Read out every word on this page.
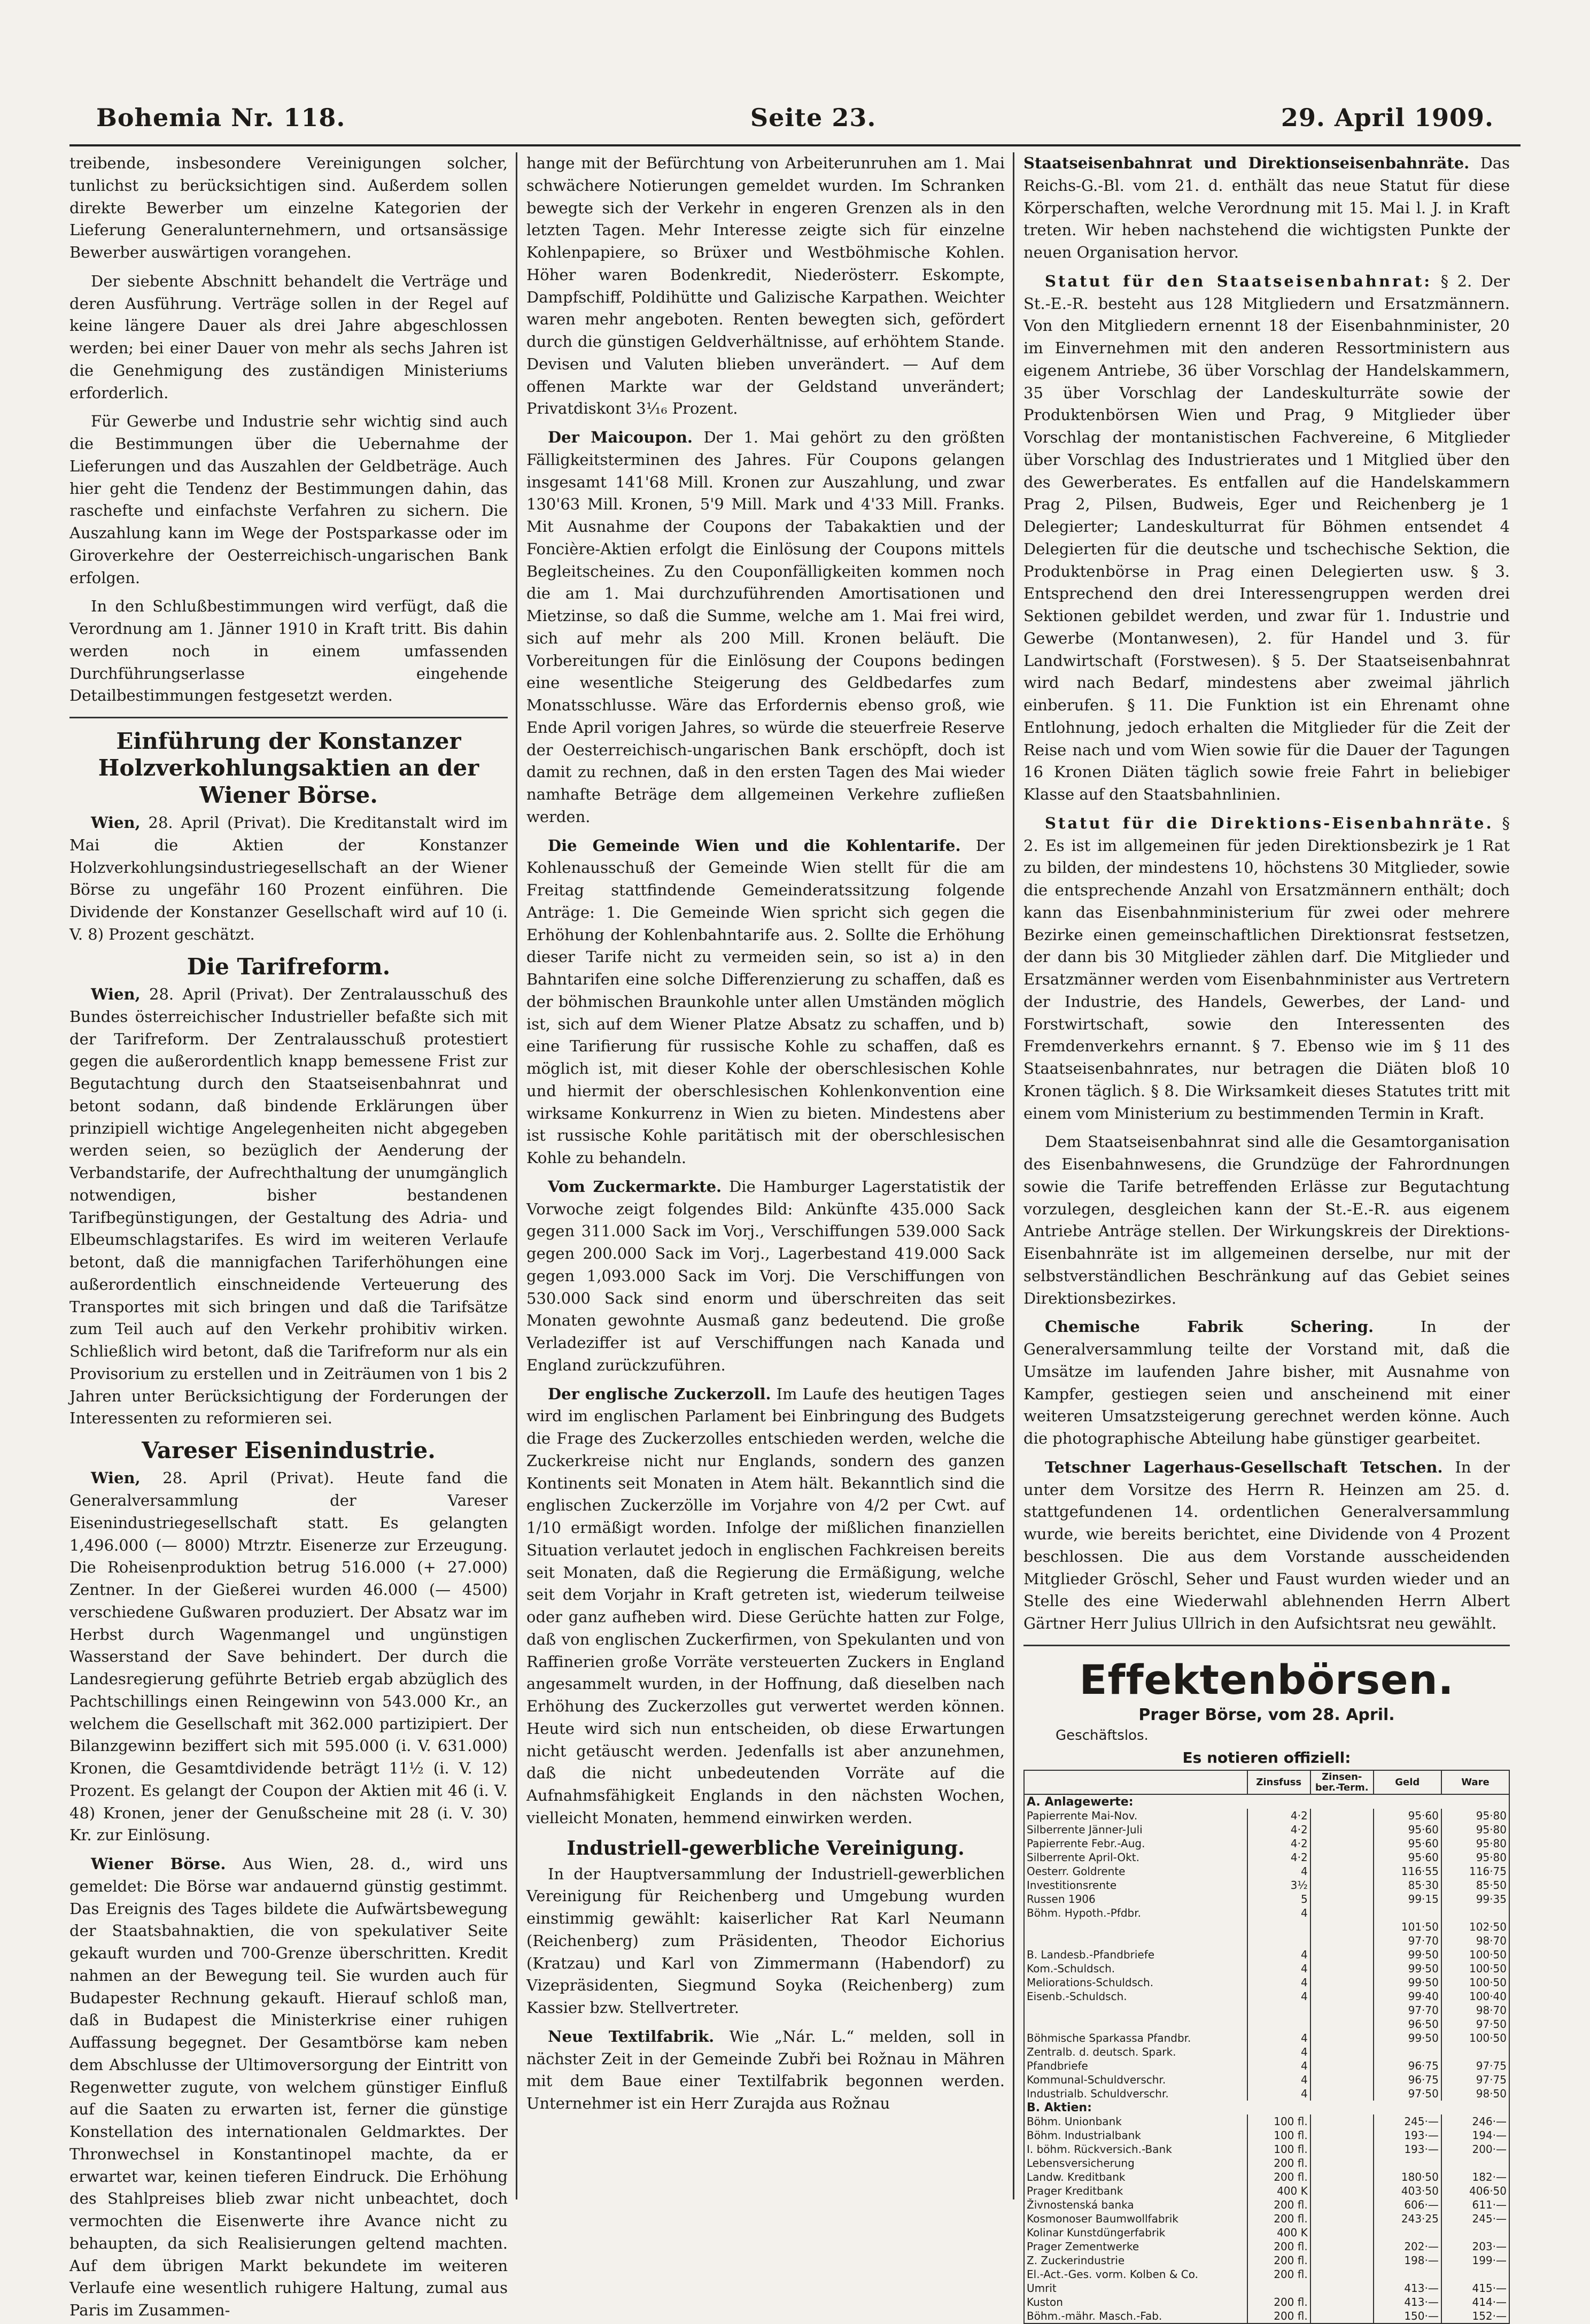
Bohemia Nr. 118.	Seite 23.	29. April 1909.

treibende, insbesondere Vereinigungen solcher, tunlichst zu berücksichtigen sind. Außerdem sollen direkte Bewerber um einzelne Kategorien der Lieferung Generalunternehmern, und ortsansässige Bewerber auswärtigen vorangehen.

Der siebente Abschnitt behandelt die Verträge und deren Ausführung. Verträge sollen in der Regel auf keine längere Dauer als drei Jahre abgeschlossen werden; bei einer Dauer von mehr als sechs Jahren ist die Genehmigung des zuständigen Ministeriums erforderlich.

Für Gewerbe und Industrie sehr wichtig sind auch die Bestimmungen über die Uebernahme der Lieferungen und das Auszahlen der Geldbeträge. Auch hier geht die Tendenz der Bestimmungen dahin, das raschefte und einfachste Verfahren zu sichern. Die Auszahlung kann im Wege der Postsparkasse oder im Giroverkehre der Oesterreichisch-ungarischen Bank erfolgen.

In den Schlußbestimmungen wird verfügt, daß die Verordnung am 1. Jänner 1910 in Kraft tritt. Bis dahin werden noch in einem umfassenden Durchführungserlasse eingehende Detailbestimmungen festgesetzt werden.

Einführung der Konstanzer Holzverkohlungsaktien an der Wiener Börse.

Wien, 28. April (Privat). Die Kreditanstalt wird im Mai die Aktien der Konstanzer Holzverkohlungsindustriegesellschaft an der Wiener Börse zu ungefähr 160 Prozent einführen. Die Dividende der Konstanzer Gesellschaft wird auf 10 (i. V. 8) Prozent geschätzt.

Die Tarifreform.

Wien, 28. April (Privat). Der Zentralausschuß des Bundes österreichischer Industrieller befaßte sich mit der Tarifreform. Der Zentralausschuß protestiert gegen die außerordentlich knapp bemessene Frist zur Begutachtung durch den Staatseisenbahnrat und betont sodann, daß bindende Erklärungen über prinzipiell wichtige Angelegenheiten nicht abgegeben werden seien, so bezüglich der Aenderung der Verbandstarife, der Aufrechthaltung der unumgänglich notwendigen, bisher bestandenen Tarifbegünstigungen, der Gestaltung des Adria- und Elbeumschlagstarifes. Es wird im weiteren Verlaufe betont, daß die mannigfachen Tariferhöhungen eine außerordentlich einschneidende Verteuerung des Transportes mit sich bringen und daß die Tarifsätze zum Teil auch auf den Verkehr prohibitiv wirken. Schließlich wird betont, daß die Tarifreform nur als ein Provisorium zu erstellen und in Zeiträumen von 1 bis 2 Jahren unter Berücksichtigung der Forderungen der Interessenten zu reformieren sei.

Vareser Eisenindustrie.

Wien, 28. April (Privat). Heute fand die Generalversammlung der Vareser Eisenindustriegesellschaft statt. Es gelangten 1,496.000 (— 8000) Mtrztr. Eisenerze zur Erzeugung. Die Roheisenproduktion betrug 516.000 (+ 27.000) Zentner. In der Gießerei wurden 46.000 (— 4500) verschiedene Gußwaren produziert. Der Absatz war im Herbst durch Wagenmangel und ungünstigen Wasserstand der Save behindert. Der durch die Landesregierung geführte Betrieb ergab abzüglich des Pachtschillings einen Reingewinn von 543.000 Kr., an welchem die Gesellschaft mit 362.000 partizipiert. Der Bilanzgewinn beziffert sich mit 595.000 (i. V. 631.000) Kronen, die Gesamtdividende beträgt 11½ (i. V. 12) Prozent. Es gelangt der Coupon der Aktien mit 46 (i. V. 48) Kronen, jener der Genußscheine mit 28 (i. V. 30) Kr. zur Einlösung.

Wiener Börse. Aus Wien, 28. d., wird uns gemeldet: Die Börse war andauernd günstig gestimmt. Das Ereignis des Tages bildete die Aufwärtsbewegung der Staatsbahnaktien, die von spekulativer Seite gekauft wurden und 700-Grenze überschritten. Kredit nahmen an der Bewegung teil. Sie wurden auch für Budapester Rechnung gekauft. Hierauf schloß man, daß in Budapest die Ministerkrise einer ruhigen Auffassung begegnet. Der Gesamtbörse kam neben dem Abschlusse der Ultimoversorgung der Eintritt von Regenwetter zugute, von welchem günstiger Einfluß auf die Saaten zu erwarten ist, ferner die günstige Konstellation des internationalen Geldmarktes. Der Thronwechsel in Konstantinopel machte, da er erwartet war, keinen tieferen Eindruck. Die Erhöhung des Stahlpreises blieb zwar nicht unbeachtet, doch vermochten die Eisenwerte ihre Avance nicht zu behaupten, da sich Realisierungen geltend machten. Auf dem übrigen Markt bekundete im weiteren Verlaufe eine wesentlich ruhigere Haltung, zumal aus Paris im Zusammen-

hange mit der Befürchtung von Arbeiterunruhen am 1. Mai schwächere Notierungen gemeldet wurden. Im Schranken bewegte sich der Verkehr in engeren Grenzen als in den letzten Tagen. Mehr Interesse zeigte sich für einzelne Kohlenpapiere, so Brüxer und Westböhmische Kohlen. Höher waren Bodenkredit, Niederösterr. Eskompte, Dampfschiff, Poldihütte und Galizische Karpathen. Weichter waren mehr angeboten. Renten bewegten sich, gefördert durch die günstigen Geldverhältnisse, auf erhöhtem Stande. Devisen und Valuten blieben unverändert. — Auf dem offenen Markte war der Geldstand unverändert; Privatdiskont 3⅟₁₆ Prozent.

Der Maicoupon. Der 1. Mai gehört zu den größten Fälligkeitsterminen des Jahres. Für Coupons gelangen insgesamt 141'68 Mill. Kronen zur Auszahlung, und zwar 130'63 Mill. Kronen, 5'9 Mill. Mark und 4'33 Mill. Franks. Mit Ausnahme der Coupons der Tabakaktien und der Foncière-Aktien erfolgt die Einlösung der Coupons mittels Begleitscheines. Zu den Couponfälligkeiten kommen noch die am 1. Mai durchzuführenden Amortisationen und Mietzinse, so daß die Summe, welche am 1. Mai frei wird, sich auf mehr als 200 Mill. Kronen beläuft. Die Vorbereitungen für die Einlösung der Coupons bedingen eine wesentliche Steigerung des Geldbedarfes zum Monatsschlusse. Wäre das Erfordernis ebenso groß, wie Ende April vorigen Jahres, so würde die steuerfreie Reserve der Oesterreichisch-ungarischen Bank erschöpft, doch ist damit zu rechnen, daß in den ersten Tagen des Mai wieder namhafte Beträge dem allgemeinen Verkehre zufließen werden.

Die Gemeinde Wien und die Kohlentarife. Der Kohlenausschuß der Gemeinde Wien stellt für die am Freitag stattfindende Gemeinderatssitzung folgende Anträge: 1. Die Gemeinde Wien spricht sich gegen die Erhöhung der Kohlenbahntarife aus. 2. Sollte die Erhöhung dieser Tarife nicht zu vermeiden sein, so ist a) in den Bahntarifen eine solche Differenzierung zu schaffen, daß es der böhmischen Braunkohle unter allen Umständen möglich ist, sich auf dem Wiener Platze Absatz zu schaffen, und b) eine Tarifierung für russische Kohle zu schaffen, daß es möglich ist, mit dieser Kohle der oberschlesischen Kohle und hiermit der oberschlesischen Kohlenkonvention eine wirksame Konkurrenz in Wien zu bieten. Mindestens aber ist russische Kohle paritätisch mit der oberschlesischen Kohle zu behandeln.

Vom Zuckermarkte. Die Hamburger Lagerstatistik der Vorwoche zeigt folgendes Bild: Ankünfte 435.000 Sack gegen 311.000 Sack im Vorj., Verschiffungen 539.000 Sack gegen 200.000 Sack im Vorj., Lagerbestand 419.000 Sack gegen 1,093.000 Sack im Vorj. Die Verschiffungen von 530.000 Sack sind enorm und überschreiten das seit Monaten gewohnte Ausmaß ganz bedeutend. Die große Verladeziffer ist auf Verschiffungen nach Kanada und England zurückzuführen.

Der englische Zuckerzoll. Im Laufe des heutigen Tages wird im englischen Parlament bei Einbringung des Budgets die Frage des Zuckerzolles entschieden werden, welche die Zuckerkreise nicht nur Englands, sondern des ganzen Kontinents seit Monaten in Atem hält. Bekanntlich sind die englischen Zuckerzölle im Vorjahre von 4/2 per Cwt. auf 1/10 ermäßigt worden. Infolge der mißlichen finanziellen Situation verlautet jedoch in englischen Fachkreisen bereits seit Monaten, daß die Regierung die Ermäßigung, welche seit dem Vorjahr in Kraft getreten ist, wiederum teilweise oder ganz aufheben wird. Diese Gerüchte hatten zur Folge, daß von englischen Zuckerfirmen, von Spekulanten und von Raffinerien große Vorräte versteuerten Zuckers in England angesammelt wurden, in der Hoffnung, daß dieselben nach Erhöhung des Zuckerzolles gut verwertet werden können. Heute wird sich nun entscheiden, ob diese Erwartungen nicht getäuscht werden. Jedenfalls ist aber anzunehmen, daß die nicht unbedeutenden Vorräte auf die Aufnahmsfähigkeit Englands in den nächsten Wochen, vielleicht Monaten, hemmend einwirken werden.

Industriell-gewerbliche Vereinigung.

In der Hauptversammlung der Industriell-gewerblichen Vereinigung für Reichenberg und Umgebung wurden einstimmig gewählt: kaiserlicher Rat Karl Neumann (Reichenberg) zum Präsidenten, Theodor Eichorius (Kratzau) und Karl von Zimmermann (Habendorf) zu Vizepräsidenten, Siegmund Soyka (Reichenberg) zum Kassier bzw. Stellvertreter.

Neue Textilfabrik. Wie „Nár. L.“ melden, soll in nächster Zeit in der Gemeinde Zubři bei Rožnau in Mähren mit dem Baue einer Textilfabrik begonnen werden. Unternehmer ist ein Herr Zurajda aus Rožnau

Staatseisenbahnrat und Direktionseisenbahnräte. Das Reichs-G.-Bl. vom 21. d. enthält das neue Statut für diese Körperschaften, welche Verordnung mit 15. Mai l. J. in Kraft treten. Wir heben nachstehend die wichtigsten Punkte der neuen Organisation hervor.

Statut für den Staatseisenbahnrat: § 2. Der St.-E.-R. besteht aus 128 Mitgliedern und Ersatzmännern. Von den Mitgliedern ernennt 18 der Eisenbahnminister, 20 im Einvernehmen mit den anderen Ressortministern aus eigenem Antriebe, 36 über Vorschlag der Handelskammern, 35 über Vorschlag der Landeskulturräte sowie der Produktenbörsen Wien und Prag, 9 Mitglieder über Vorschlag der montanistischen Fachvereine, 6 Mitglieder über Vorschlag des Industrierates und 1 Mitglied über den des Gewerberates. Es entfallen auf die Handelskammern Prag 2, Pilsen, Budweis, Eger und Reichenberg je 1 Delegierter; Landeskulturrat für Böhmen entsendet 4 Delegierten für die deutsche und tschechische Sektion, die Produktenbörse in Prag einen Delegierten usw. § 3. Entsprechend den drei Interessengruppen werden drei Sektionen gebildet werden, und zwar für 1. Industrie und Gewerbe (Montanwesen), 2. für Handel und 3. für Landwirtschaft (Forstwesen). § 5. Der Staatseisenbahnrat wird nach Bedarf, mindestens aber zweimal jährlich einberufen. § 11. Die Funktion ist ein Ehrenamt ohne Entlohnung, jedoch erhalten die Mitglieder für die Zeit der Reise nach und vom Wien sowie für die Dauer der Tagungen 16 Kronen Diäten täglich sowie freie Fahrt in beliebiger Klasse auf den Staatsbahnlinien.

Statut für die Direktions-Eisenbahnräte. § 2. Es ist im allgemeinen für jeden Direktionsbezirk je 1 Rat zu bilden, der mindestens 10, höchstens 30 Mitglieder, sowie die entsprechende Anzahl von Ersatzmännern enthält; doch kann das Eisenbahnministerium für zwei oder mehrere Bezirke einen gemeinschaftlichen Direktionsrat festsetzen, der dann bis 30 Mitglieder zählen darf. Die Mitglieder und Ersatzmänner werden vom Eisenbahnminister aus Vertretern der Industrie, des Handels, Gewerbes, der Land- und Forstwirtschaft, sowie den Interessenten des Fremdenverkehrs ernannt. § 7. Ebenso wie im § 11 des Staatseisenbahnrates, nur betragen die Diäten bloß 10 Kronen täglich. § 8. Die Wirksamkeit dieses Statutes tritt mit einem vom Ministerium zu bestimmenden Termin in Kraft.

Dem Staatseisenbahnrat sind alle die Gesamtorganisation des Eisenbahnwesens, die Grundzüge der Fahrordnungen sowie die Tarife betreffenden Erlässe zur Begutachtung vorzulegen, desgleichen kann der St.-E.-R. aus eigenem Antriebe Anträge stellen. Der Wirkungskreis der Direktions-Eisenbahnräte ist im allgemeinen derselbe, nur mit der selbstverständlichen Beschränkung auf das Gebiet seines Direktionsbezirkes.

Chemische Fabrik Schering.	In der Generalversammlung teilte der Vorstand mit, daß die Umsätze im laufenden Jahre bisher, mit Ausnahme von Kampfer, gestiegen seien und anscheinend mit einer weiteren Umsatzsteigerung gerechnet werden könne. Auch die photographische Abteilung habe günstiger gearbeitet.

Tetschner Lagerhaus-Gesellschaft Tetschen. In der unter dem Vorsitze des Herrn R. Heinzen am 25. d. stattgefundenen 14. ordentlichen Generalversammlung wurde, wie bereits berichtet, eine Dividende von 4 Prozent beschlossen. Die aus dem Vorstande ausscheidenden Mitglieder Gröschl, Seher und Faust wurden wieder und an Stelle des eine Wiederwahl ablehnenden Herrn Albert Gärtner Herr Julius Ullrich in den Aufsichtsrat neu gewählt.

Effektenbörsen.
Prager Börse, vom 28. April.
Geschäftslos.
Es notieren offiziell:
	Zinsfuss	Zinsen-ber.-Term.	Geld	Ware
A. Anlagewerte:				
Papierrente Mai-Nov.	4·2		95·60	95·80
Silberrente Jänner-Juli	4·2		95·60	95·80
Papierrente Febr.-Aug.	4·2		95·60	95·80
Silberrente April-Okt.	4·2		95·60	95·80
Oesterr. Goldrente	4		116·55	116·75
Investitionsrente	3½		85·30	85·50
Russen 1906	5		99·15	99·35
Böhm. Hypoth.-Pfdbr.	4			
			101·50	102·50
			97·70	98·70
B. Landesb.-Pfandbriefe	4		99·50	100·50
Kom.-Schuldsch.	4		99·50	100·50
Meliorations-Schuldsch.	4		99·50	100·50
Eisenb.-Schuldsch.	4		99·40	100·40
			97·70	98·70
			96·50	97·50
Böhmische Sparkassa Pfandbr.	4		99·50	100·50
Zentralb. d. deutsch. Spark.	4			
Pfandbriefe	4		96·75	97·75
Kommunal-Schuldverschr.	4		96·75	97·75
Industrialb. Schuldverschr.	4		97·50	98·50
B. Aktien:				
Böhm. Unionbank	100 fl.		245·—	246·—
Böhm. Industrialbank	100 fl.		193·—	194·—
I. böhm. Rückversich.-Bank	100 fl.		193·—	200·—
Lebensversicherung	200 fl.			
Landw. Kreditbank	200 fl.		180·50	182·—
Prager Kreditbank	400 K		403·50	406·50
Živnostenská banka	200 fl.		606·—	611·—
Kosmonoser Baumwollfabrik	200 fl.		243·25	245·—
Kolinar Kunstdüngerfabrik	400 K			
Prager Zementwerke	200 fl.		202·—	203·—
Z. Zuckerindustrie	200 fl.		198·—	199·—
El.-Act.-Ges. vorm. Kolben & Co.	200 fl.			
Umrit			413·—	415·—
Kuston	200 fl.		413·—	414·—
Böhm.-mähr. Masch.-Fab.	200 fl.		150·—	152·—
